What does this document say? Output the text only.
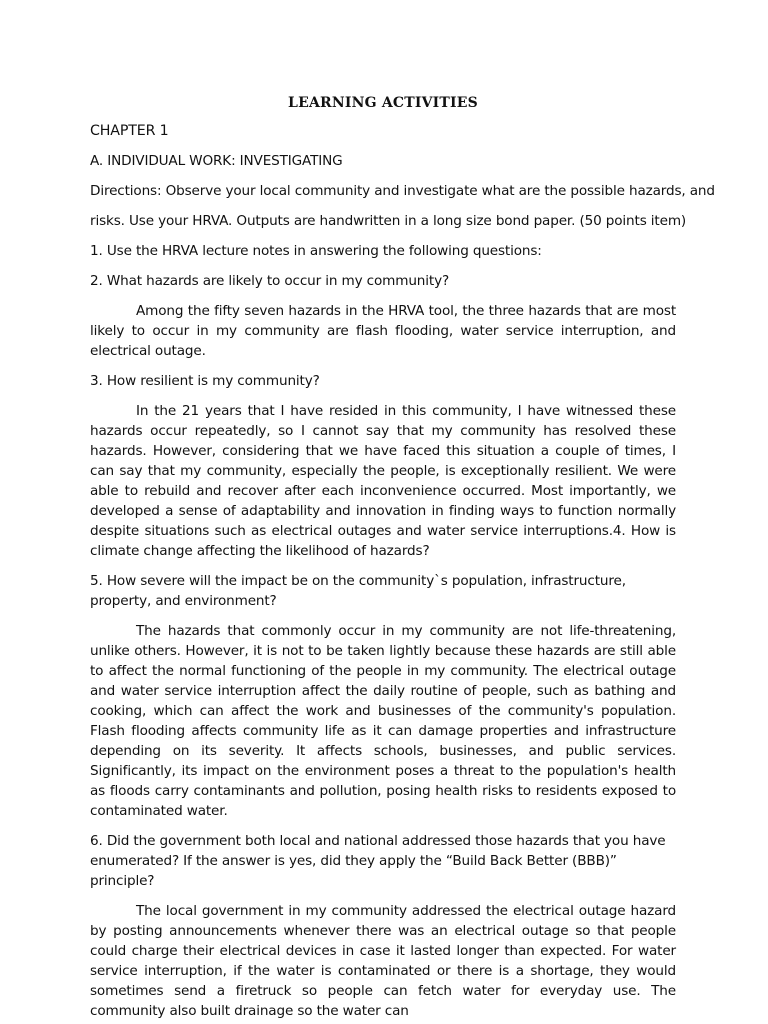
LEARNING ACTIVITIES
CHAPTER 1
A. INDIVIDUAL WORK: INVESTIGATING
Directions: Observe your local community and investigate what are the possible hazards, and
risks. Use your HRVA. Outputs are handwritten in a long size bond paper. (50 points item)
1. Use the HRVA lecture notes in answering the following questions:
2. What hazards are likely to occur in my community?
Among the fifty seven hazards in the HRVA tool, the three hazards that are most likely to occur in my community are flash flooding, water service interruption, and electrical outage.
3. How resilient is my community?
In the 21 years that I have resided in this community, I have witnessed these hazards occur repeatedly, so I cannot say that my community has resolved these hazards. However, considering that we have faced this situation a couple of times, I can say that my community, especially the people, is exceptionally resilient. We were able to rebuild and recover after each inconvenience occurred. Most importantly, we developed a sense of adaptability and innovation in finding ways to function normally despite situations such as electrical outages and water service interruptions.4. How is climate change affecting the likelihood of hazards?
5. How severe will the impact be on the community`s population, infrastructure, property, and environment?
The hazards that commonly occur in my community are not life-threatening, unlike others. However, it is not to be taken lightly because these hazards are still able to affect the normal functioning of the people in my community. The electrical outage and water service interruption affect the daily routine of people, such as bathing and cooking, which can affect the work and businesses of the community's population. Flash flooding affects community life as it can damage properties and infrastructure depending on its severity. It affects schools, businesses, and public services. Significantly, its impact on the environment poses a threat to the population's health as floods carry contaminants and pollution, posing health risks to residents exposed to contaminated water.
6. Did the government both local and national addressed those hazards that you have enumerated? If the answer is yes, did they apply the “Build Back Better (BBB)” principle?
The local government in my community addressed the electrical outage hazard by posting announcements whenever there was an electrical outage so that people could charge their electrical devices in case it lasted longer than expected. For water service interruption, if the water is contaminated or there is a shortage, they would sometimes send a firetruck so people can fetch water for everyday use. The community also built drainage so the water can
